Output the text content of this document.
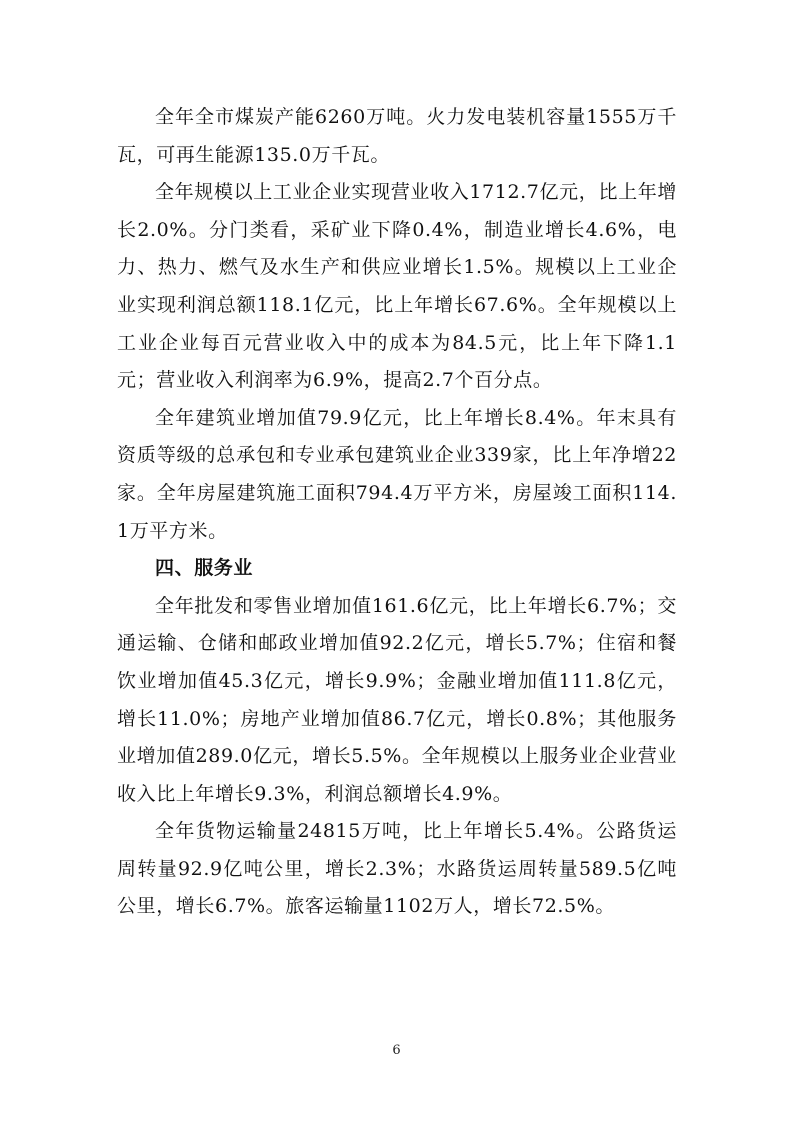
全年全市煤炭产能6260万吨。火力发电装机容量1555万千瓦，可再生能源135.0万千瓦。

全年规模以上工业企业实现营业收入1712.7亿元，比上年增长2.0%。分门类看，采矿业下降0.4%，制造业增长4.6%，电力、热力、燃气及水生产和供应业增长1.5%。规模以上工业企业实现利润总额118.1亿元，比上年增长67.6%。全年规模以上工业企业每百元营业收入中的成本为84.5元，比上年下降1.1元；营业收入利润率为6.9%，提高2.7个百分点。

全年建筑业增加值79.9亿元，比上年增长8.4%。年末具有资质等级的总承包和专业承包建筑业企业339家，比上年净增22家。全年房屋建筑施工面积794.4万平方米，房屋竣工面积114.1万平方米。

四、服务业

全年批发和零售业增加值161.6亿元，比上年增长6.7%；交通运输、仓储和邮政业增加值92.2亿元，增长5.7%；住宿和餐饮业增加值45.3亿元，增长9.9%；金融业增加值111.8亿元，增长11.0%；房地产业增加值86.7亿元，增长0.8%；其他服务业增加值289.0亿元，增长5.5%。全年规模以上服务业企业营业收入比上年增长9.3%，利润总额增长4.9%。

全年货物运输量24815万吨，比上年增长5.4%。公路货运周转量92.9亿吨公里，增长2.3%；水路货运周转量589.5亿吨公里，增长6.7%。旅客运输量1102万人，增长72.5%。

6
